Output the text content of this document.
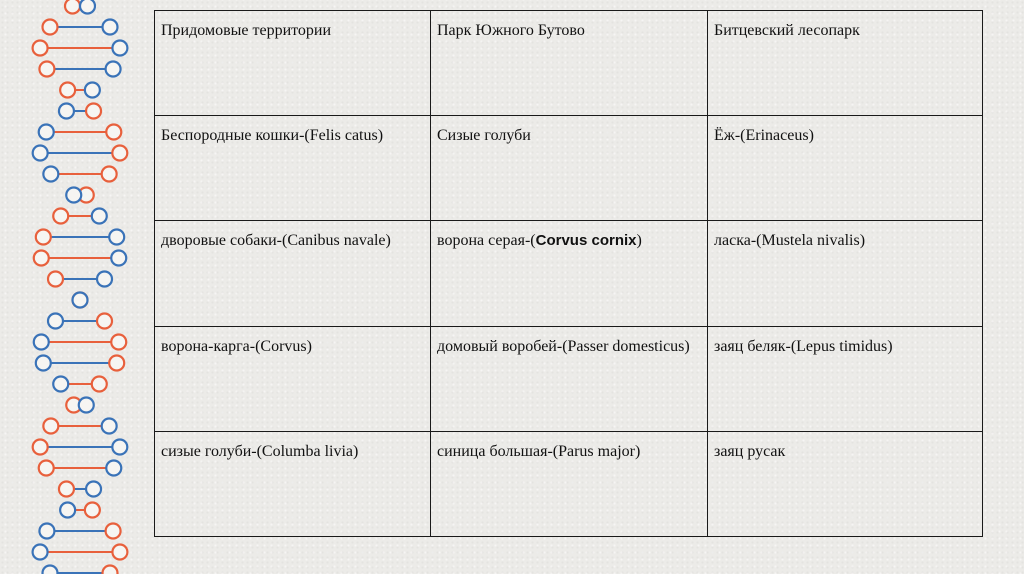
Придомовые территории	Парк Южного Бутово	Битцевский лесопарк
Беспородные кошки-(Felis catus)	Сизые голуби	Ёж-(Erinaceus)
дворовые собаки-(Canibus navale)	ворона серая-(Corvus cornix)	ласка-(Mustela nivalis)
ворона-карга-(Corvus)	домовый воробей-(Passer domesticus)	заяц беляк-(Lepus timidus)
сизые голуби-(Columba livia)	синица большая-(Parus major)	заяц русак
